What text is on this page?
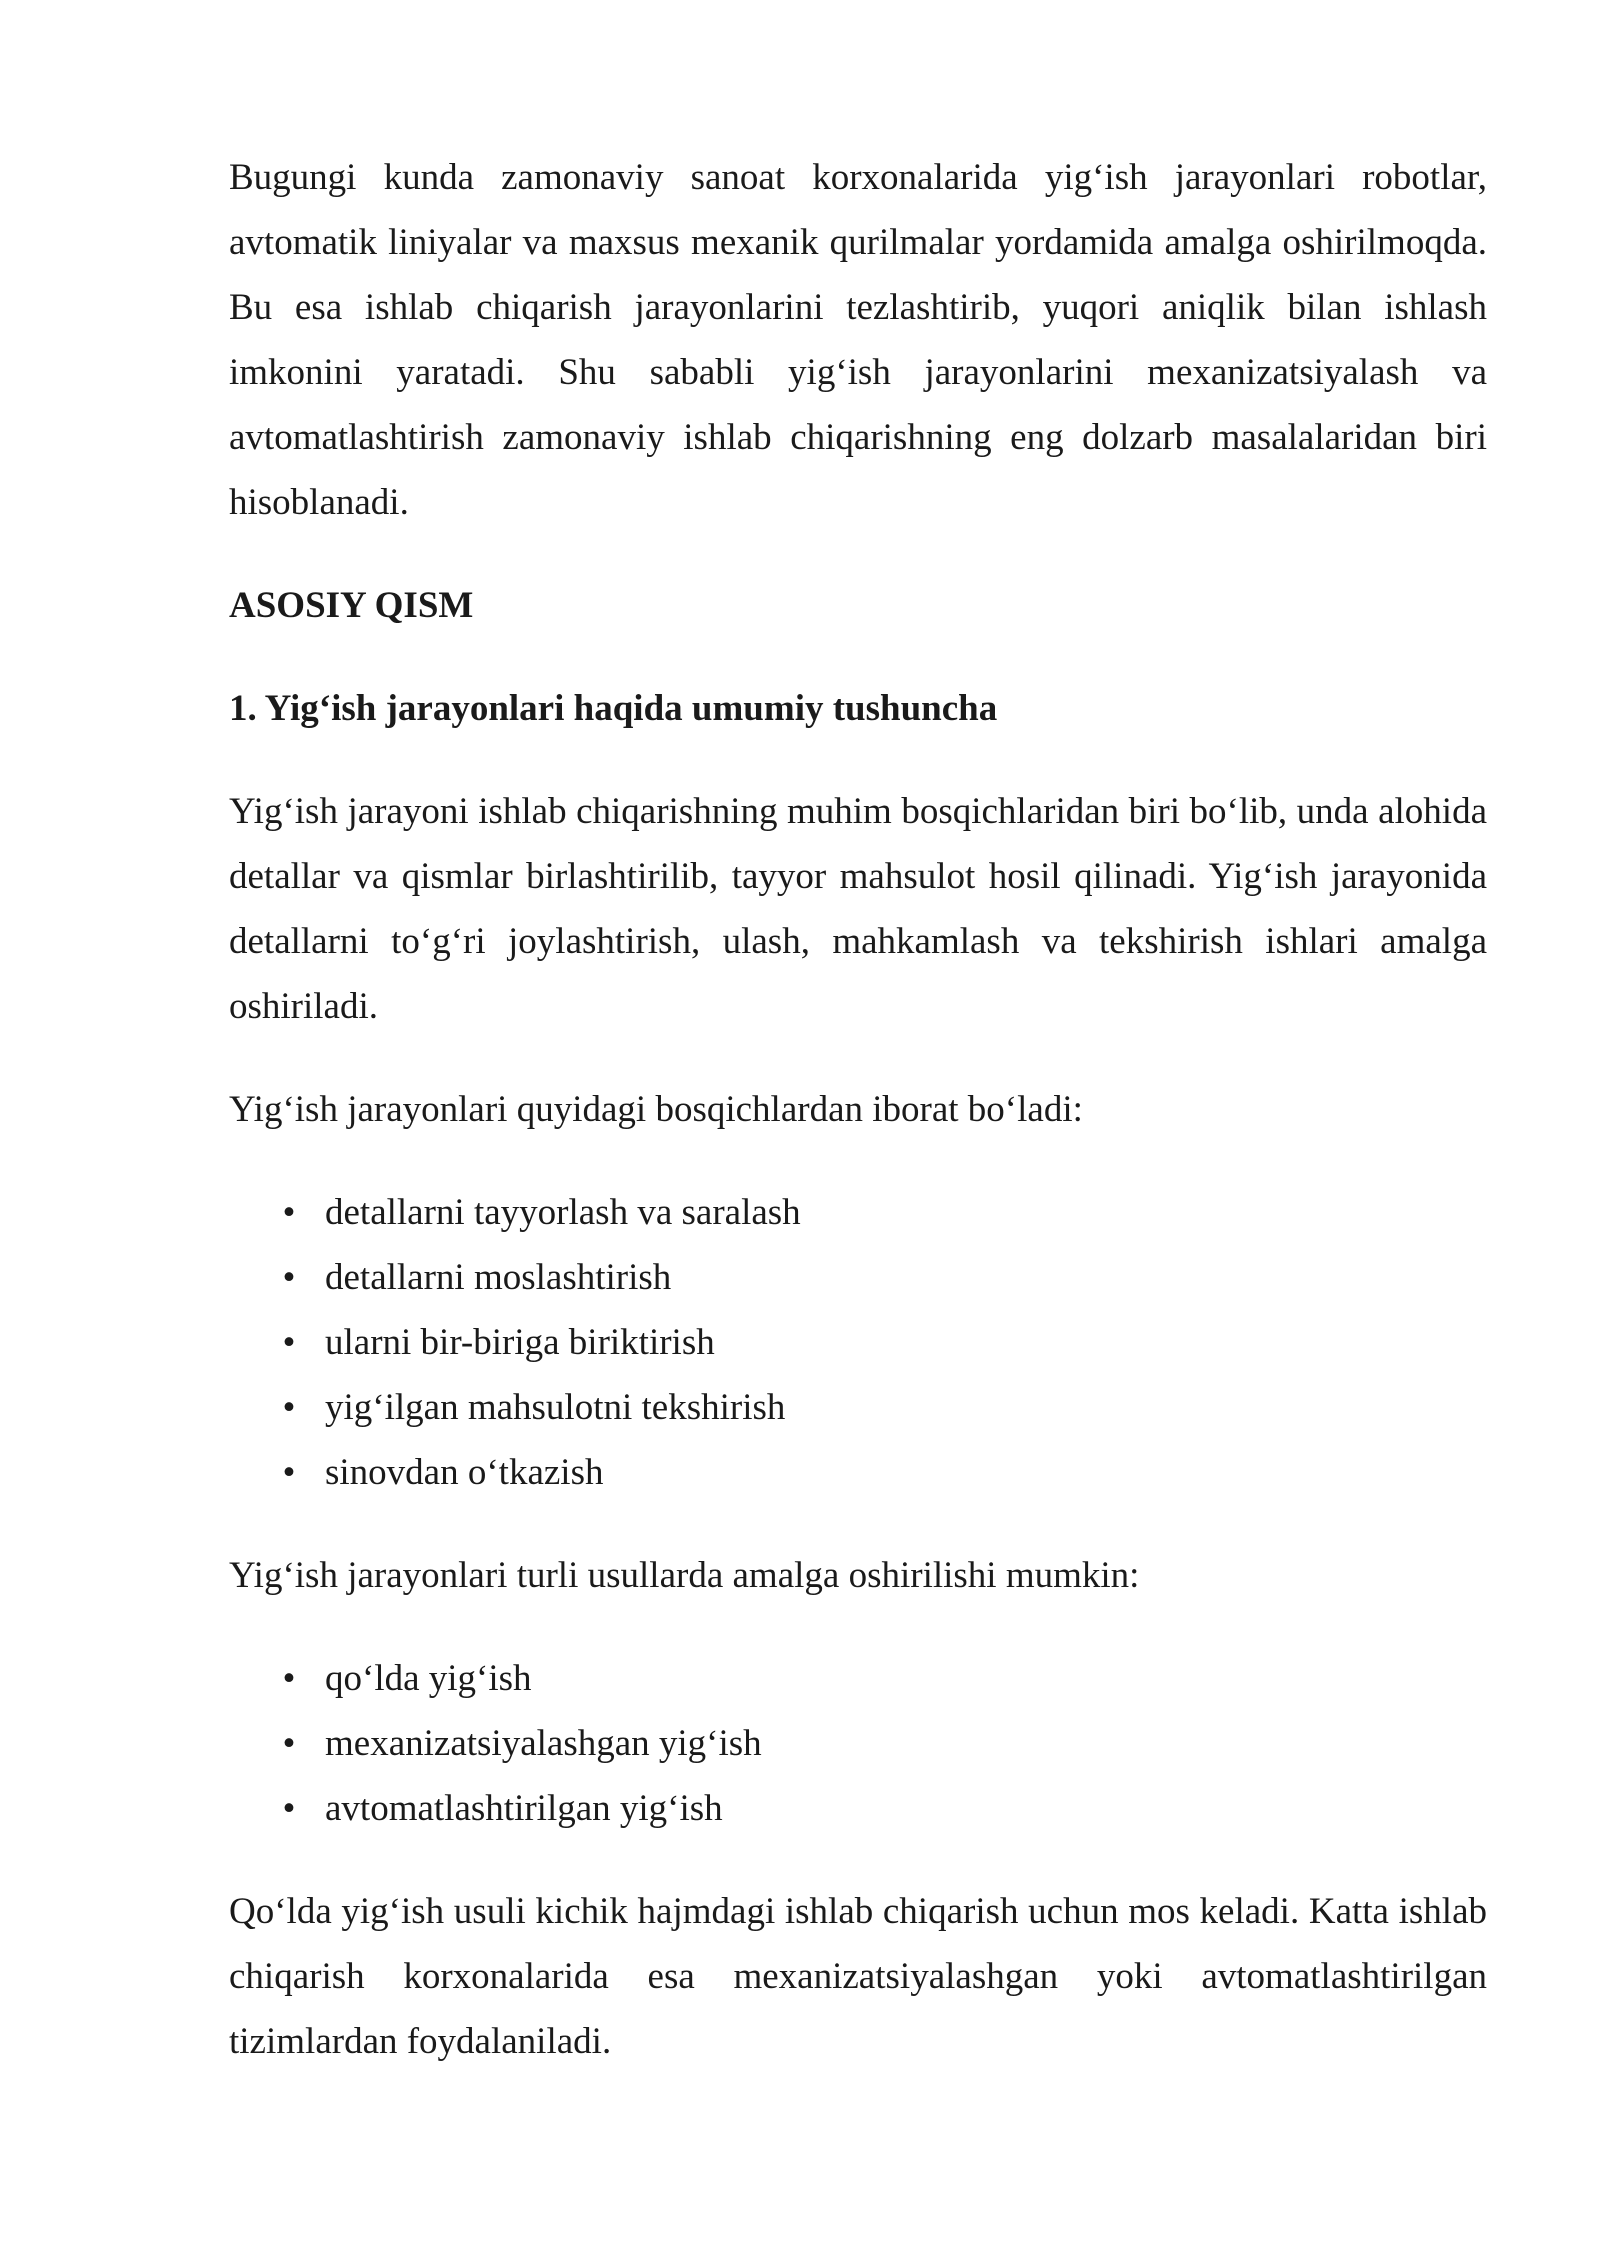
Bugungi kunda zamonaviy sanoat korxonalarida yig‘ish jarayonlari robotlar, avtomatik liniyalar va maxsus mexanik qurilmalar yordamida amalga oshirilmoqda. Bu esa ishlab chiqarish jarayonlarini tezlashtirib, yuqori aniqlik bilan ishlash imkonini yaratadi. Shu sababli yig‘ish jarayonlarini mexanizatsiyalash va avtomatlashtirish zamonaviy ishlab chiqarishning eng dolzarb masalalaridan biri hisoblanadi.

ASOSIY QISM

1. Yig‘ish jarayonlari haqida umumiy tushuncha

Yig‘ish jarayoni ishlab chiqarishning muhim bosqichlaridan biri bo‘lib, unda alohida detallar va qismlar birlashtirilib, tayyor mahsulot hosil qilinadi. Yig‘ish jarayonida detallarni to‘g‘ri joylashtirish, ulash, mahkamlash va tekshirish ishlari amalga oshiriladi.

Yig‘ish jarayonlari quyidagi bosqichlardan iborat bo‘ladi:

• detallarni tayyorlash va saralash
• detallarni moslashtirish
• ularni bir-biriga biriktirish
• yig‘ilgan mahsulotni tekshirish
• sinovdan o‘tkazish

Yig‘ish jarayonlari turli usullarda amalga oshirilishi mumkin:

• qo‘lda yig‘ish
• mexanizatsiyalashgan yig‘ish
• avtomatlashtirilgan yig‘ish

Qo‘lda yig‘ish usuli kichik hajmdagi ishlab chiqarish uchun mos keladi. Katta ishlab chiqarish korxonalarida esa mexanizatsiyalashgan yoki avtomatlashtirilgan tizimlardan foydalaniladi.
